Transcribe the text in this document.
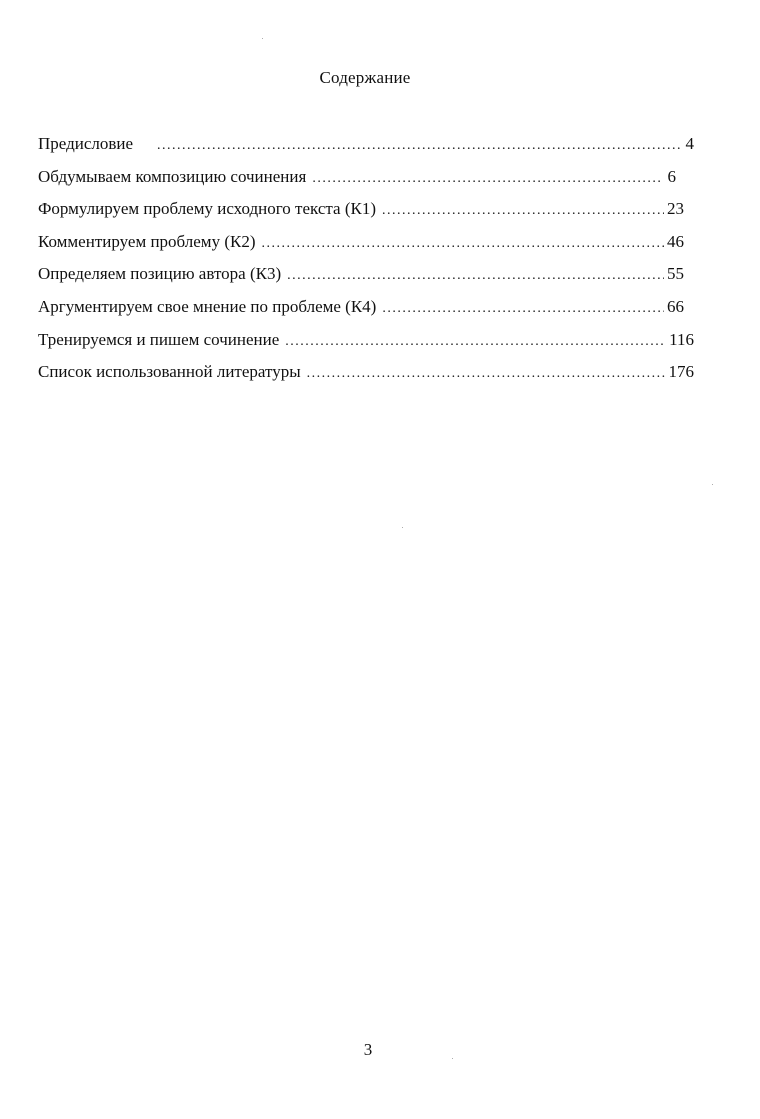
Содержание
Предисловие .....	4
Обдумываем композицию сочинения .....	6
Формулируем проблему исходного текста (К1) .....	23
Комментируем проблему (К2) .....	46
Определяем позицию автора (К3) .....	55
Аргументируем свое мнение по проблеме (К4) .....	66
Тренируемся и пишем сочинение .....	116
Список использованной литературы .....	176
3
